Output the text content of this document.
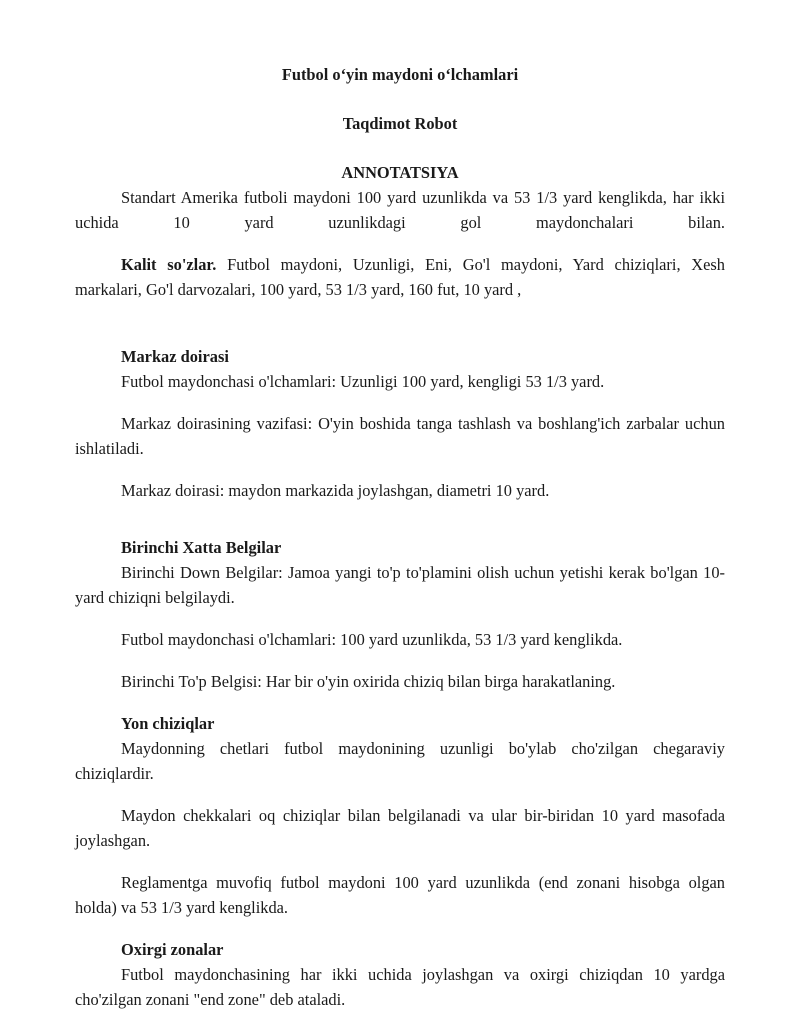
Futbol o‘yin maydoni o‘lchamlari
Taqdimot Robot
ANNOTATSIYA

Standart Amerika futboli maydoni 100 yard uzunlikda va 53 1/3 yard kenglikda, har ikki uchida 10 yard uzunlikdagi gol maydonchalari bilan.

Kalit so'zlar. Futbol maydoni, Uzunligi, Eni, Go'l maydoni, Yard chiziqlari, Xesh markalari, Go'l darvozalari, 100 yard, 53 1/3 yard, 160 fut, 10 yard ,

Markaz doirasi

Futbol maydonchasi o'lchamlari: Uzunligi 100 yard, kengligi 53 1/3 yard.

Markaz doirasining vazifasi: O'yin boshida tanga tashlash va boshlang'ich zarbalar uchun ishlatiladi.

Markaz doirasi: maydon markazida joylashgan, diametri 10 yard.

Birinchi Xatta Belgilar

Birinchi Down Belgilar: Jamoa yangi to'p to'plamini olish uchun yetishi kerak bo'lgan 10-yard chiziqni belgilaydi.

Futbol maydonchasi o'lchamlari: 100 yard uzunlikda, 53 1/3 yard kenglikda.

Birinchi To'p Belgisi: Har bir o'yin oxirida chiziq bilan birga harakatlaning.

Yon chiziqlar

Maydonning chetlari futbol maydonining uzunligi bo'ylab cho'zilgan chegaraviy chiziqlardir.

Maydon chekkalari oq chiziqlar bilan belgilanadi va ular bir-biridan 10 yard masofada joylashgan.

Reglamentga muvofiq futbol maydoni 100 yard uzunlikda (end zonani hisobga olgan holda) va 53 1/3 yard kenglikda.

Oxirgi zonalar

Futbol maydonchasining har ikki uchida joylashgan va oxirgi chiziqdan 10 yardga cho'zilgan zonani "end zone" deb ataladi.
